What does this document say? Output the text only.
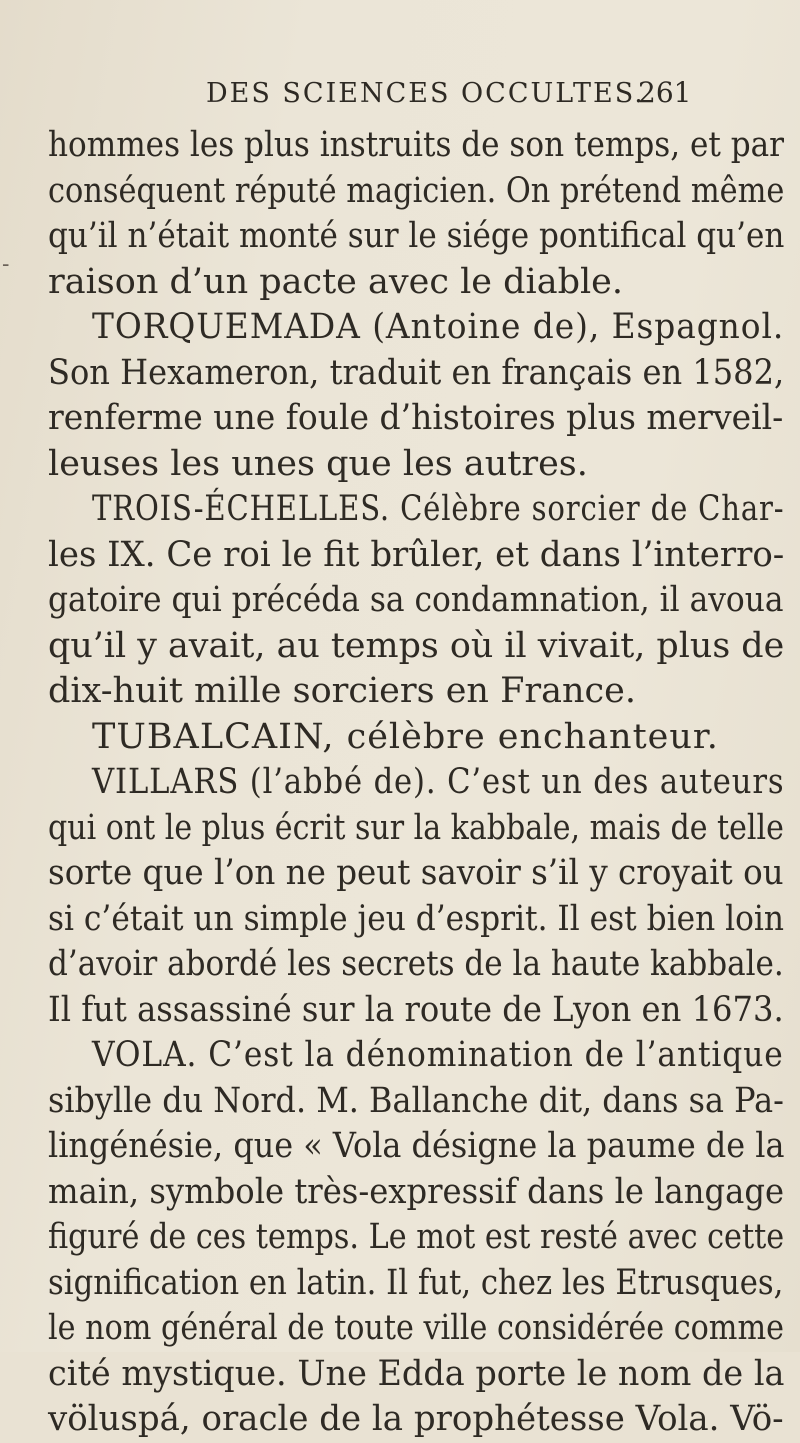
DES SCIENCES OCCULTES.
261
-
hommes les plus instruits de son temps, et par
conséquent réputé magicien. On prétend même
qu’il n’était monté sur le siége pontifical qu’en
raison d’un pacte avec le diable.
TORQUEMADA (Antoine de), Espagnol.
Son Hexameron, traduit en français en 1582,
renferme une foule d’histoires plus merveil-
leuses les unes que les autres.
TROIS-ÉCHELLES. Célèbre sorcier de Char-
les IX. Ce roi le fit brûler, et dans l’interro-
gatoire qui précéda sa condamnation, il avoua
qu’il y avait, au temps où il vivait, plus de
dix-huit mille sorciers en France.
TUBALCAIN, célèbre enchanteur.
VILLARS (l’abbé de). C’est un des auteurs
qui ont le plus écrit sur la kabbale, mais de telle
sorte que l’on ne peut savoir s’il y croyait ou
si c’était un simple jeu d’esprit. Il est bien loin
d’avoir abordé les secrets de la haute kabbale.
Il fut assassiné sur la route de Lyon en 1673.
VOLA. C’est la dénomination de l’antique
sibylle du Nord. M. Ballanche dit, dans sa Pa-
lingénésie, que « Vola désigne la paume de la
main, symbole très-expressif dans le langage
figuré de ces temps. Le mot est resté avec cette
signification en latin. Il fut, chez les Etrusques,
le nom général de toute ville considérée comme
cité mystique. Une Edda porte le nom de la
völuspá, oracle de la prophétesse Vola. Vö-
